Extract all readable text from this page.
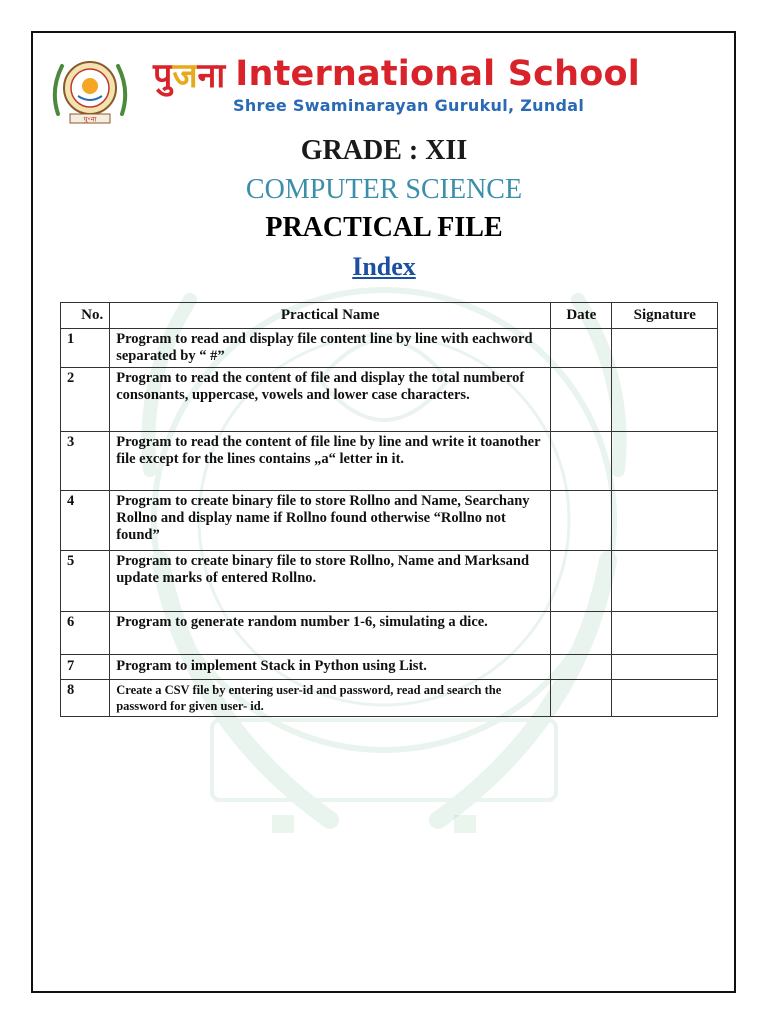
पु॰ना
पुजना International School
Shree Swaminarayan Gurukul, Zundal
GRADE : XII
COMPUTER SCIENCE
PRACTICAL FILE
Index
No.	Practical Name	Date	Signature
1	Program to read and display file content line by line with eachword separated by “ #”		
2	Program to read the content of file and display the total numberof consonants, uppercase, vowels and lower case characters.		
3	Program to read the content of file line by line and write it toanother file except for the lines contains „a“ letter in it.		
4	Program to create binary file to store Rollno and Name, Searchany Rollno and display name if Rollno found otherwise “Rollno not found”		
5	Program to create binary file to store Rollno, Name and Marksand update marks of entered Rollno.		
6	Program to generate random number 1-6, simulating a dice.		
7	Program to implement Stack in Python using List.		
8	Create a CSV file by entering user-id and password, read and search the password for given user- id.		
